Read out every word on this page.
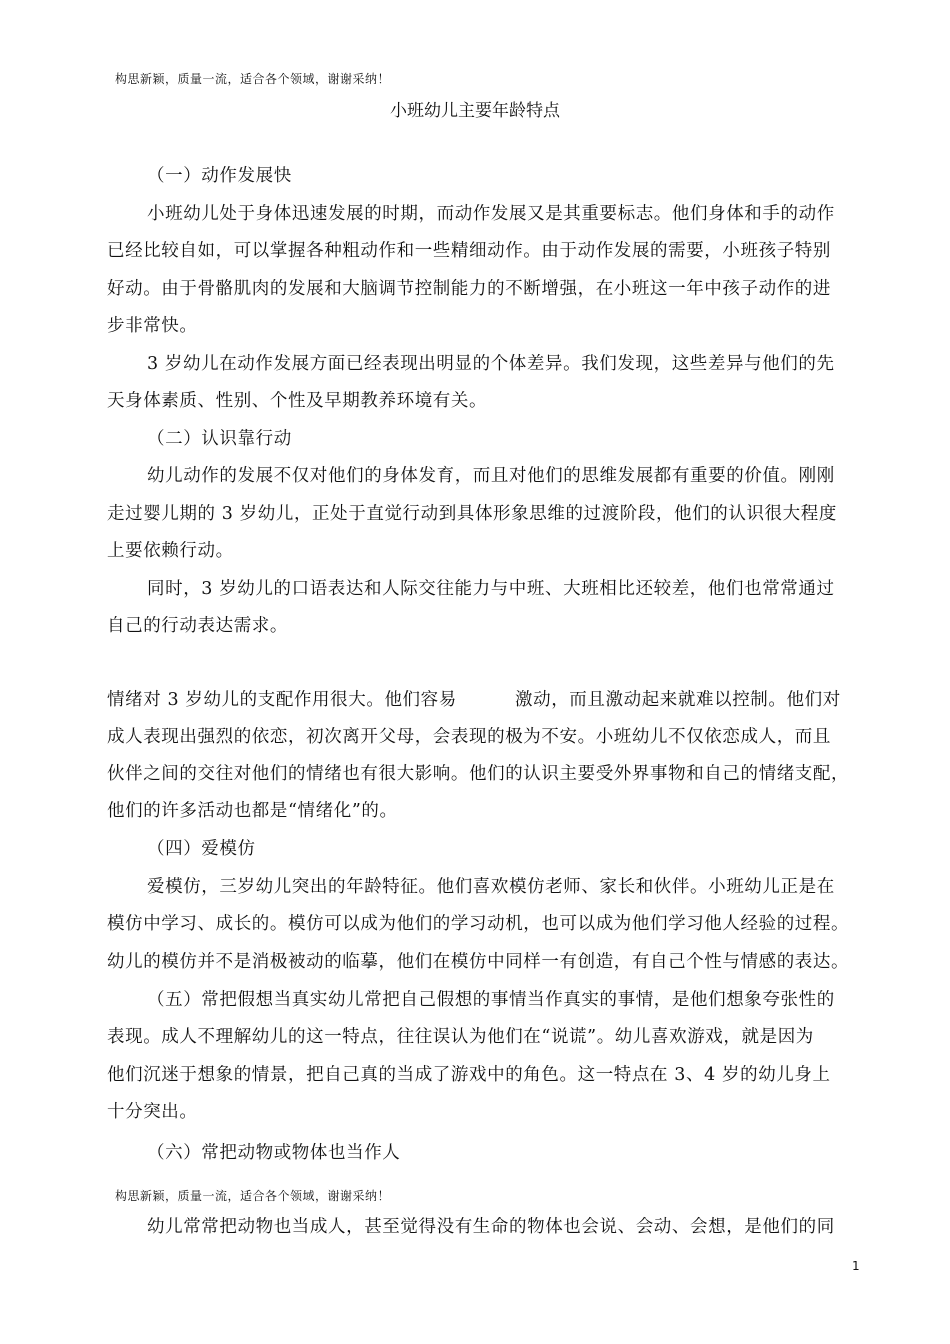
构思新颖，质量一流，适合各个领域，谢谢采纳！
小班幼儿主要年龄特点
（一）动作发展快
小班幼儿处于身体迅速发展的时期，而动作发展又是其重要标志。他们身体和手的动作
已经比较自如，可以掌握各种粗动作和一些精细动作。由于动作发展的需要，小班孩子特别
好动。由于骨骼肌肉的发展和大脑调节控制能力的不断增强，在小班这一年中孩子动作的进
步非常快。
3 岁幼儿在动作发展方面已经表现出明显的个体差异。我们发现，这些差异与他们的先
天身体素质、性别、个性及早期教养环境有关。
（二）认识靠行动
幼儿动作的发展不仅对他们的身体发育，而且对他们的思维发展都有重要的价值。刚刚
走过婴儿期的 3 岁幼儿，正处于直觉行动到具体形象思维的过渡阶段，他们的认识很大程度
上要依赖行动。
同时，3 岁幼儿的口语表达和人际交往能力与中班、大班相比还较差，他们也常常通过
自己的行动表达需求。
情绪对 3 岁幼儿的支配作用很大。他们容易	激动，而且激动起来就难以控制。他们对
成人表现出强烈的依恋，初次离开父母，会表现的极为不安。小班幼儿不仅依恋成人，而且
伙伴之间的交往对他们的情绪也有很大影响。他们的认识主要受外界事物和自己的情绪支配，
他们的许多活动也都是“情绪化”的。
（四）爱模仿
爱模仿，三岁幼儿突出的年龄特征。他们喜欢模仿老师、家长和伙伴。小班幼儿正是在
模仿中学习、成长的。模仿可以成为他们的学习动机，也可以成为他们学习他人经验的过程。
幼儿的模仿并不是消极被动的临摹，他们在模仿中同样一有创造，有自己个性与情感的表达。
（五）常把假想当真实幼儿常把自己假想的事情当作真实的事情，是他们想象夸张性的
表现。成人不理解幼儿的这一特点，往往误认为他们在“说谎”。幼儿喜欢游戏，就是因为
他们沉迷于想象的情景，把自己真的当成了游戏中的角色。这一特点在 3、4 岁的幼儿身上
十分突出。
（六）常把动物或物体也当作人
构思新颖，质量一流，适合各个领域，谢谢采纳！
幼儿常常把动物也当成人，甚至觉得没有生命的物体也会说、会动、会想，是他们的同
1
